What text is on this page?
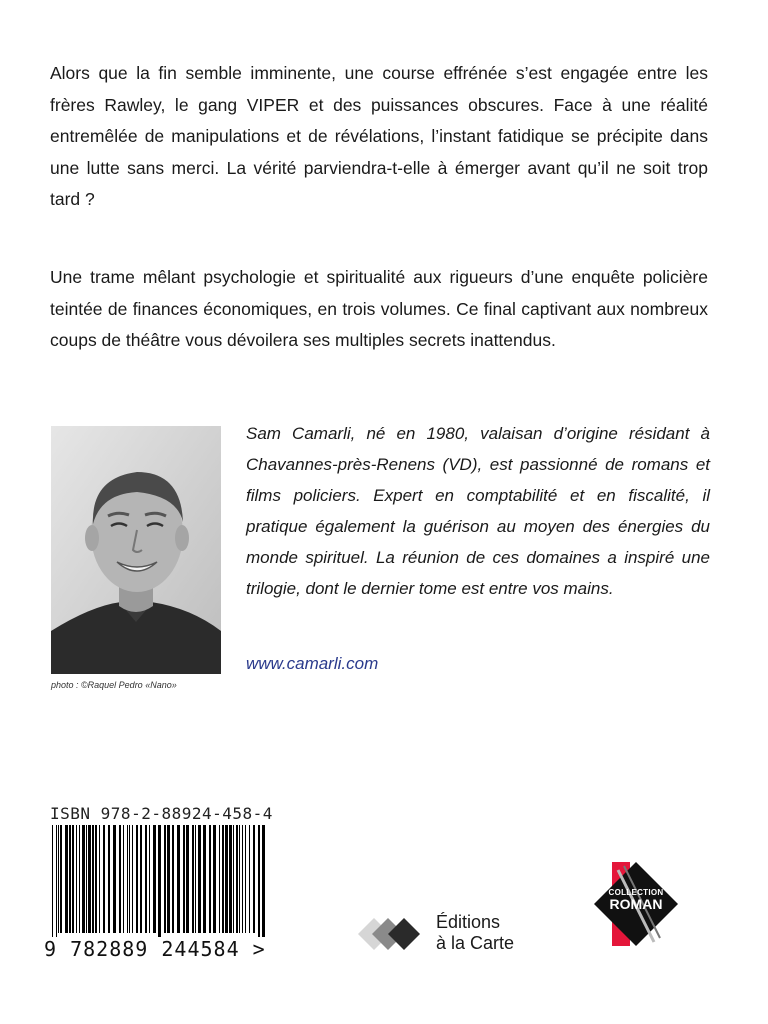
Alors que la fin semble imminente, une course effrénée s’est engagée entre les frères Rawley, le gang VIPER et des puissances obscures. Face à une réalité entremêlée de manipulations et de révélations, l’instant fatidique se précipite dans une lutte sans merci. La vérité parviendra-t-elle à émerger avant qu’il ne soit trop tard ?

Une trame mêlant psychologie et spiritualité aux rigueurs d’une enquête policière teintée de finances économiques, en trois volumes. Ce final captivant aux nombreux coups de théâtre vous dévoilera ses multiples secrets inattendus.

photo : ©Raquel Pedro «Nano»

Sam Camarli, né en 1980, valaisan d’origine résidant à Chavannes-près-Renens (VD), est passionné de romans et films policiers. Expert en comptabilité et en fiscalité, il pratique également la guérison au moyen des énergies du monde spirituel. La réunion de ces domaines a inspiré une trilogie, dont le dernier tome est entre vos mains.

www.camarli.com
ISBN 978-2-88924-458-4
9 782889 244584 >
Éditions
à la Carte
COLLECTION
ROMAN
